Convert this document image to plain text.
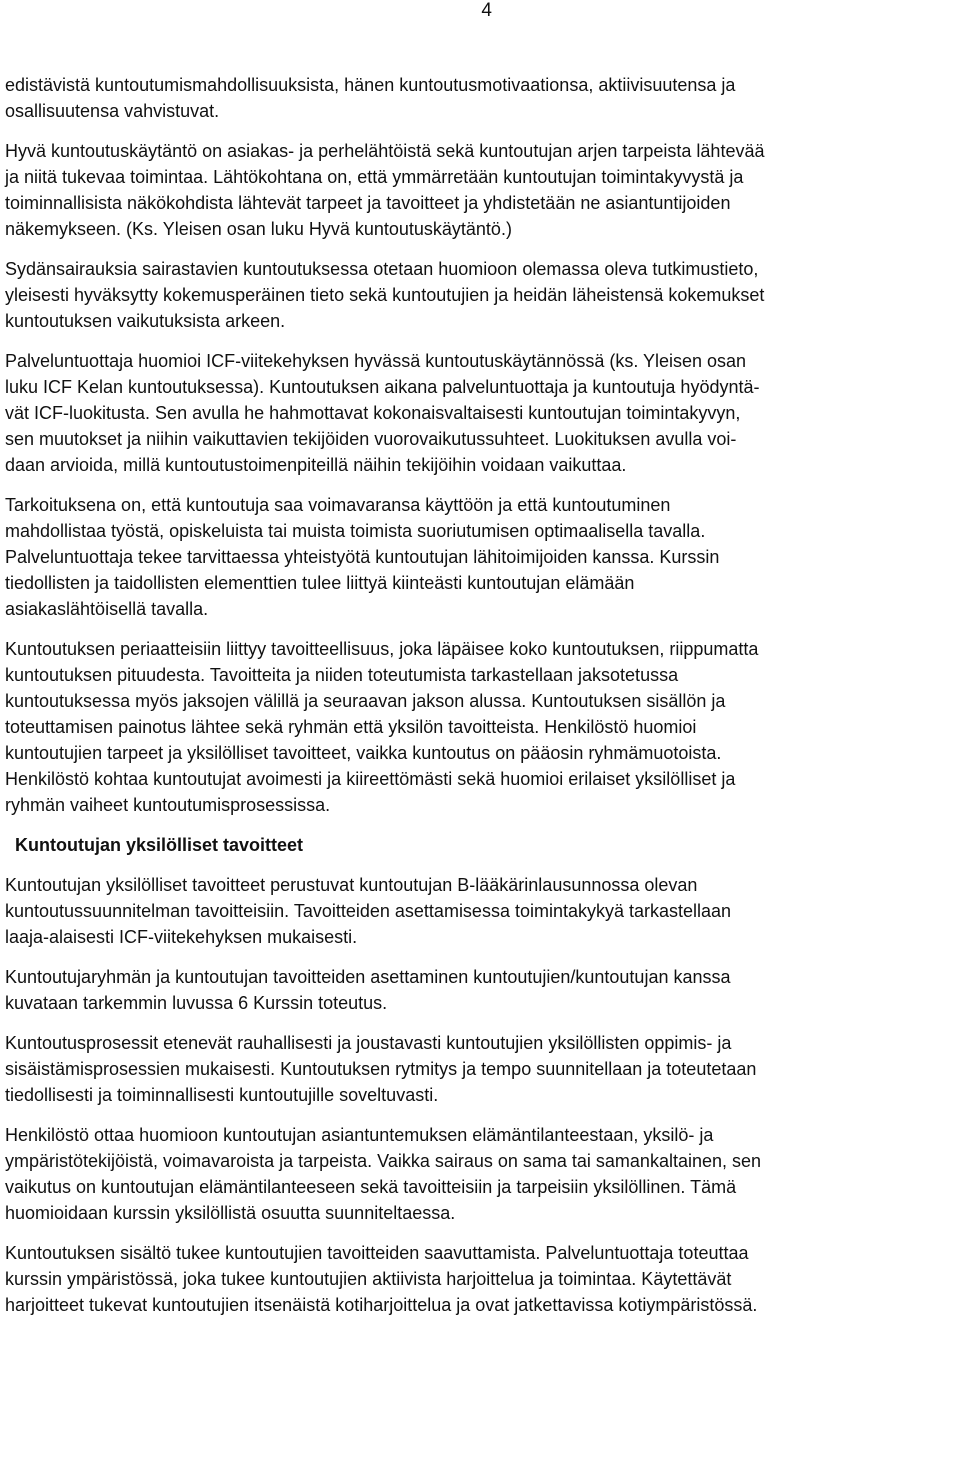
4

edistävistä kuntoutumismahdollisuuksista, hänen kuntoutusmotivaationsa, aktiivisuutensa ja
osallisuutensa vahvistuvat.

Hyvä kuntoutuskäytäntö on asiakas- ja perhelähtöistä sekä kuntoutujan arjen tarpeista lähtevää
ja niitä tukevaa toimintaa. Lähtökohtana on, että ymmärretään kuntoutujan toimintakyvystä ja
toiminnallisista näkökohdista lähtevät tarpeet ja tavoitteet ja yhdistetään ne asiantuntijoiden
näkemykseen. (Ks. Yleisen osan luku Hyvä kuntoutuskäytäntö.)

Sydänsairauksia sairastavien kuntoutuksessa otetaan huomioon olemassa oleva tutkimustieto,
yleisesti hyväksytty kokemusperäinen tieto sekä kuntoutujien ja heidän läheistensä kokemukset
kuntoutuksen vaikutuksista arkeen.

Palveluntuottaja huomioi ICF-viitekehyksen hyvässä kuntoutuskäytännössä (ks. Yleisen osan
luku ICF Kelan kuntoutuksessa). Kuntoutuksen aikana palveluntuottaja ja kuntoutuja hyödyntä-
vät ICF-luokitusta. Sen avulla he hahmottavat kokonaisvaltaisesti kuntoutujan toimintakyvyn,
sen muutokset ja niihin vaikuttavien tekijöiden vuorovaikutussuhteet. Luokituksen avulla voi-
daan arvioida, millä kuntoutustoimenpiteillä näihin tekijöihin voidaan vaikuttaa.

Tarkoituksena on, että kuntoutuja saa voimavaransa käyttöön ja että kuntoutuminen
mahdollistaa työstä, opiskeluista tai muista toimista suoriutumisen optimaalisella tavalla.
Palveluntuottaja tekee tarvittaessa yhteistyötä kuntoutujan lähitoimijoiden kanssa. Kurssin
tiedollisten ja taidollisten elementtien tulee liittyä kiinteästi kuntoutujan elämään
asiakaslähtöisellä tavalla.

Kuntoutuksen periaatteisiin liittyy tavoitteellisuus, joka läpäisee koko kuntoutuksen, riippumatta
kuntoutuksen pituudesta. Tavoitteita ja niiden toteutumista tarkastellaan jaksotetussa
kuntoutuksessa myös jaksojen välillä ja seuraavan jakson alussa. Kuntoutuksen sisällön ja
toteuttamisen painotus lähtee sekä ryhmän että yksilön tavoitteista. Henkilöstö huomioi
kuntoutujien tarpeet ja yksilölliset tavoitteet, vaikka kuntoutus on pääosin ryhmämuotoista.
Henkilöstö kohtaa kuntoutujat avoimesti ja kiireettömästi sekä huomioi erilaiset yksilölliset ja
ryhmän vaiheet kuntoutumisprosessissa.

Kuntoutujan yksilölliset tavoitteet

Kuntoutujan yksilölliset tavoitteet perustuvat kuntoutujan B-lääkärinlausunnossa olevan
kuntoutussuunnitelman tavoitteisiin. Tavoitteiden asettamisessa toimintakykyä tarkastellaan
laaja-alaisesti ICF-viitekehyksen mukaisesti.

Kuntoutujaryhmän ja kuntoutujan tavoitteiden asettaminen kuntoutujien/kuntoutujan kanssa
kuvataan tarkemmin luvussa 6 Kurssin toteutus.

Kuntoutusprosessit etenevät rauhallisesti ja joustavasti kuntoutujien yksilöllisten oppimis- ja
sisäistämisprosessien mukaisesti. Kuntoutuksen rytmitys ja tempo suunnitellaan ja toteutetaan
tiedollisesti ja toiminnallisesti kuntoutujille soveltuvasti.

Henkilöstö ottaa huomioon kuntoutujan asiantuntemuksen elämäntilanteestaan, yksilö- ja
ympäristötekijöistä, voimavaroista ja tarpeista. Vaikka sairaus on sama tai samankaltainen, sen
vaikutus on kuntoutujan elämäntilanteeseen sekä tavoitteisiin ja tarpeisiin yksilöllinen. Tämä
huomioidaan kurssin yksilöllistä osuutta suunniteltaessa.

Kuntoutuksen sisältö tukee kuntoutujien tavoitteiden saavuttamista. Palveluntuottaja toteuttaa
kurssin ympäristössä, joka tukee kuntoutujien aktiivista harjoittelua ja toimintaa. Käytettävät
harjoitteet tukevat kuntoutujien itsenäistä kotiharjoittelua ja ovat jatkettavissa kotiympäristössä.
